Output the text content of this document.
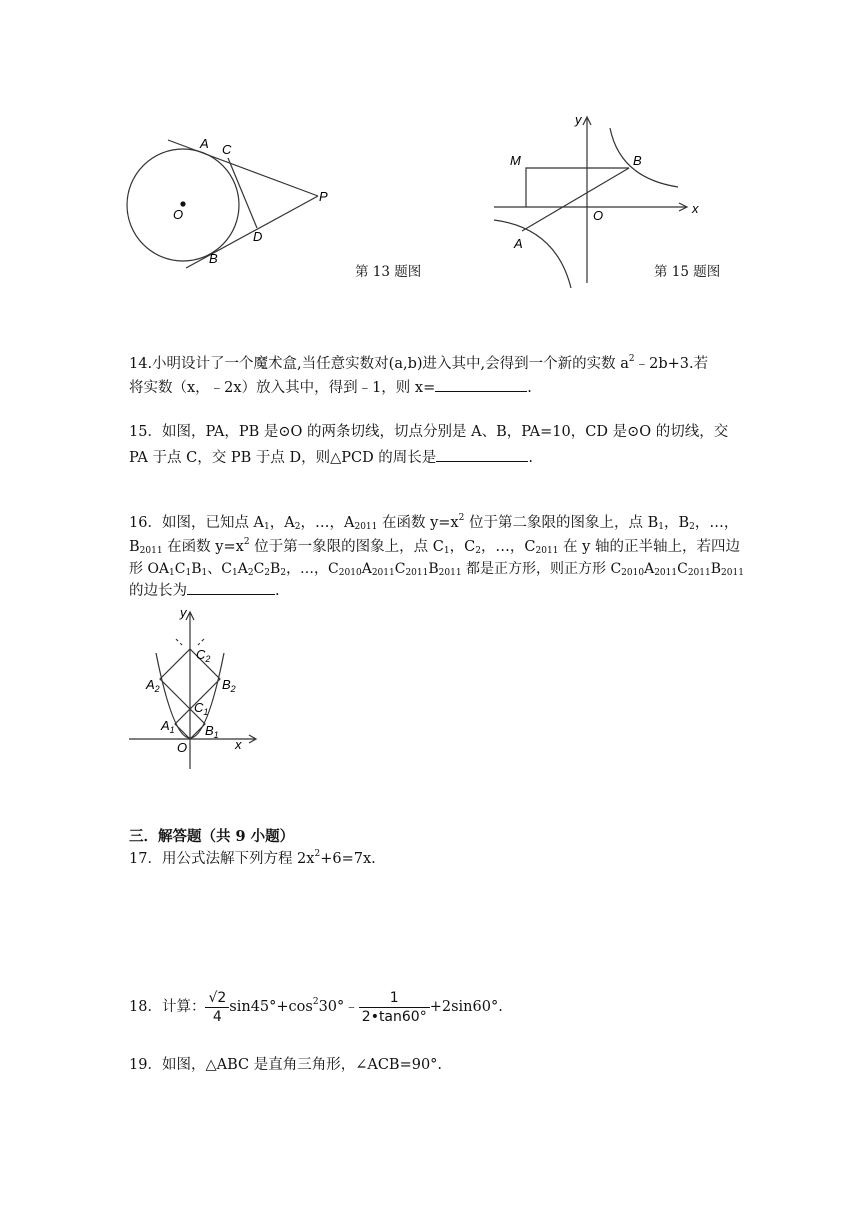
A C
O
P
D
B
第 13 题图
y
M	B
O	x
A
第 15 题图
14.小明设计了一个魔术盒,当任意实数对(a,b)进入其中,会得到一个新的实数 $a^2﹣2b+3$.若
将实数（x，﹣2x）放入其中，得到﹣1，则 x=	.
15．如图，PA，PB 是⊙O 的两条切线，切点分别是 A、B，PA=10，CD 是⊙O 的切线，交
PA 于点 C，交 PB 于点 D，则△PCD 的周长是	.
16．如图，已知点 $A_1$，$A_2$，…，$A_{2011}$ 在函数 $y=x^2$ 位于第二象限的图象上，点 $B_1$，$B_2$，…，
$B_{2011}$ 在函数 $y=x^2$ 位于第一象限的图象上，点 $C_1$，$C_2$，…，$C_{2011}$ 在 y 轴的正半轴上，若四边
形 $OA_1C_1B_1$、$C_1A_2C_2B_2$，…，$C_{2010}A_{2011}C_{2011}B_{2011}$ 都是正方形，则正方形 $C_{2010}A_{2011}C_{2011}B_{2011}$
的边长为	.
y
$C_2$
$A_2$	$B_2$
$C_1$
$A_1$ $B_1$
O	x
三．解答题（共 9 小题）
17．用公式法解下列方程 $2x^2+6=7x$.
18．计算： $\frac{√2}{4}$ $\sin 45^\circ+\cos^230^\circ﹣ \frac{1}{2•\tan 60^\circ} +2\sin 60^\circ$.
19．如图，△ABC 是直角三角形，∠ACB=90°.
